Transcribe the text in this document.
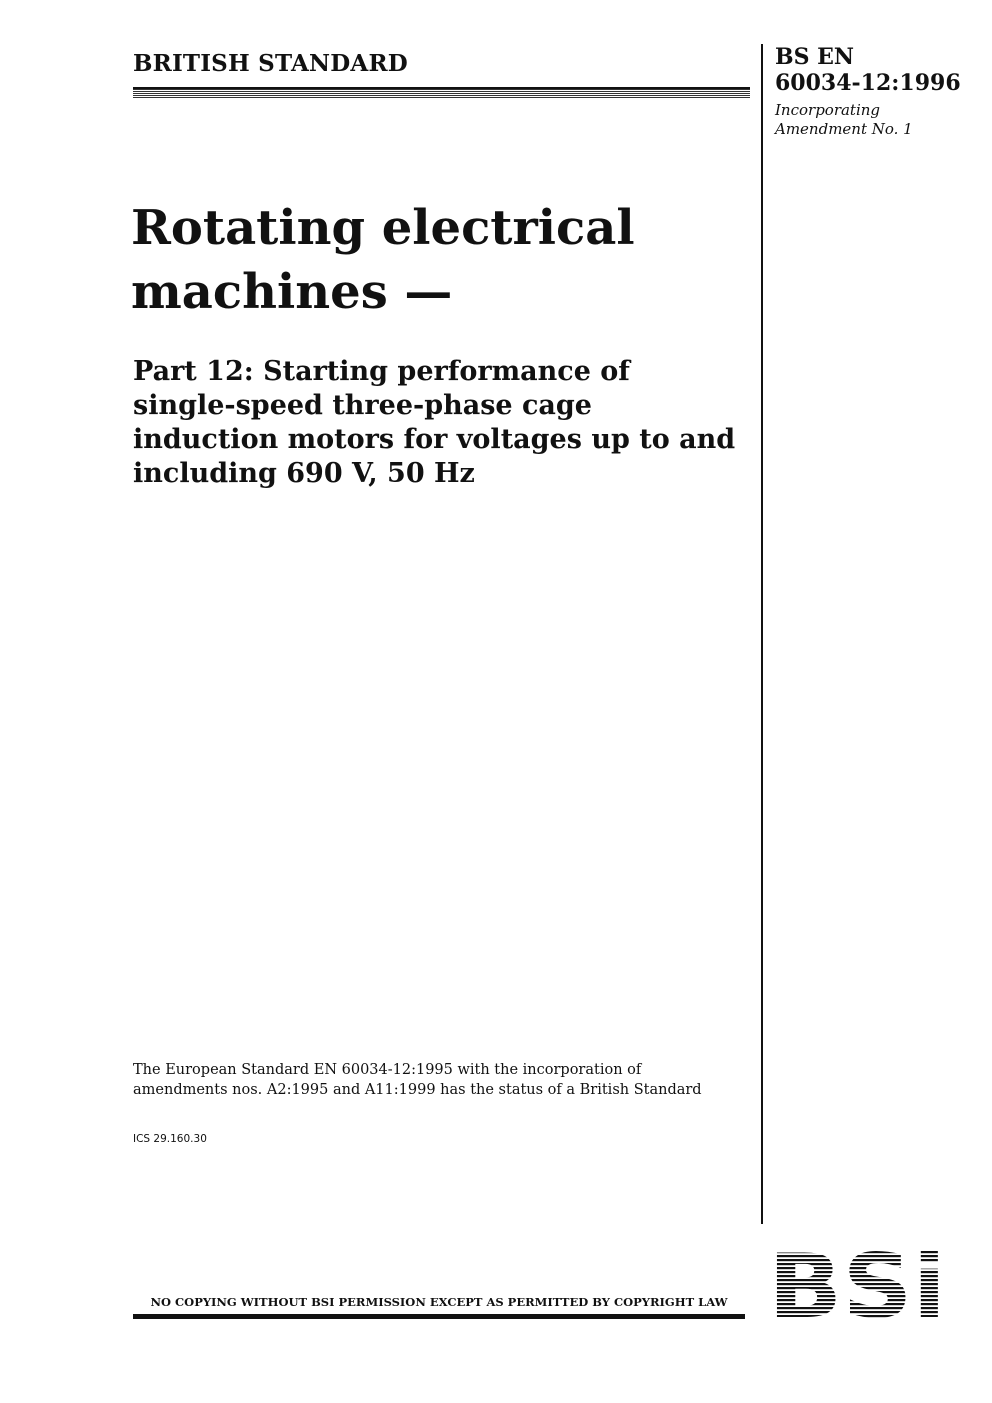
BRITISH STANDARD	BS EN
60034-12:1996
Incorporating
Amendment No. 1
Rotating electrical
machines —
Part 12: Starting performance of
single-speed three-phase cage
induction motors for voltages up to and
including 690 V, 50 Hz
The European Standard EN 60034-12:1995 with the incorporation of
amendments nos. A2:1995 and A11:1999 has the status of a British Standard
ICS 29.160.30
NO COPYING WITHOUT BSI PERMISSION EXCEPT AS PERMITTED BY COPYRIGHT LAW
